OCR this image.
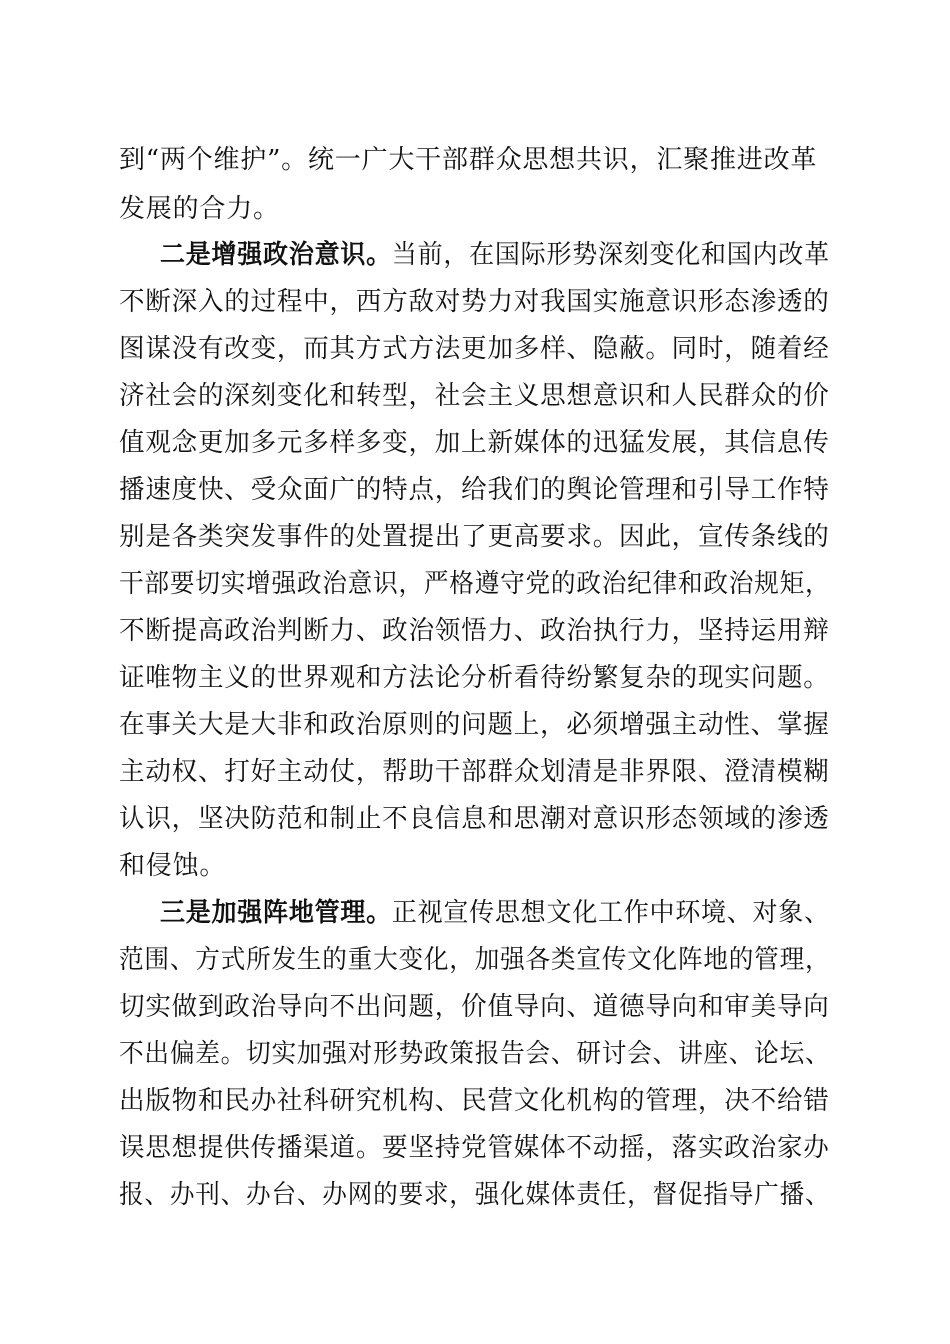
到“两个维护”。统一广大干部群众思想共识，汇聚推进改革
发展的合力。
二是增强政治意识。当前，在国际形势深刻变化和国内改革
不断深入的过程中，西方敌对势力对我国实施意识形态渗透的
图谋没有改变，而其方式方法更加多样、隐蔽。同时，随着经
济社会的深刻变化和转型，社会主义思想意识和人民群众的价
值观念更加多元多样多变，加上新媒体的迅猛发展，其信息传
播速度快、受众面广的特点，给我们的舆论管理和引导工作特
别是各类突发事件的处置提出了更高要求。因此，宣传条线的
干部要切实增强政治意识，严格遵守党的政治纪律和政治规矩，
不断提高政治判断力、政治领悟力、政治执行力，坚持运用辩
证唯物主义的世界观和方法论分析看待纷繁复杂的现实问题。
在事关大是大非和政治原则的问题上，必须增强主动性、掌握
主动权、打好主动仗，帮助干部群众划清是非界限、澄清模糊
认识，坚决防范和制止不良信息和思潮对意识形态领域的渗透
和侵蚀。
三是加强阵地管理。正视宣传思想文化工作中环境、对象、
范围、方式所发生的重大变化，加强各类宣传文化阵地的管理，
切实做到政治导向不出问题，价值导向、道德导向和审美导向
不出偏差。切实加强对形势政策报告会、研讨会、讲座、论坛、
出版物和民办社科研究机构、民营文化机构的管理，决不给错
误思想提供传播渠道。要坚持党管媒体不动摇，落实政治家办
报、办刊、办台、办网的要求，强化媒体责任，督促指导广播、
